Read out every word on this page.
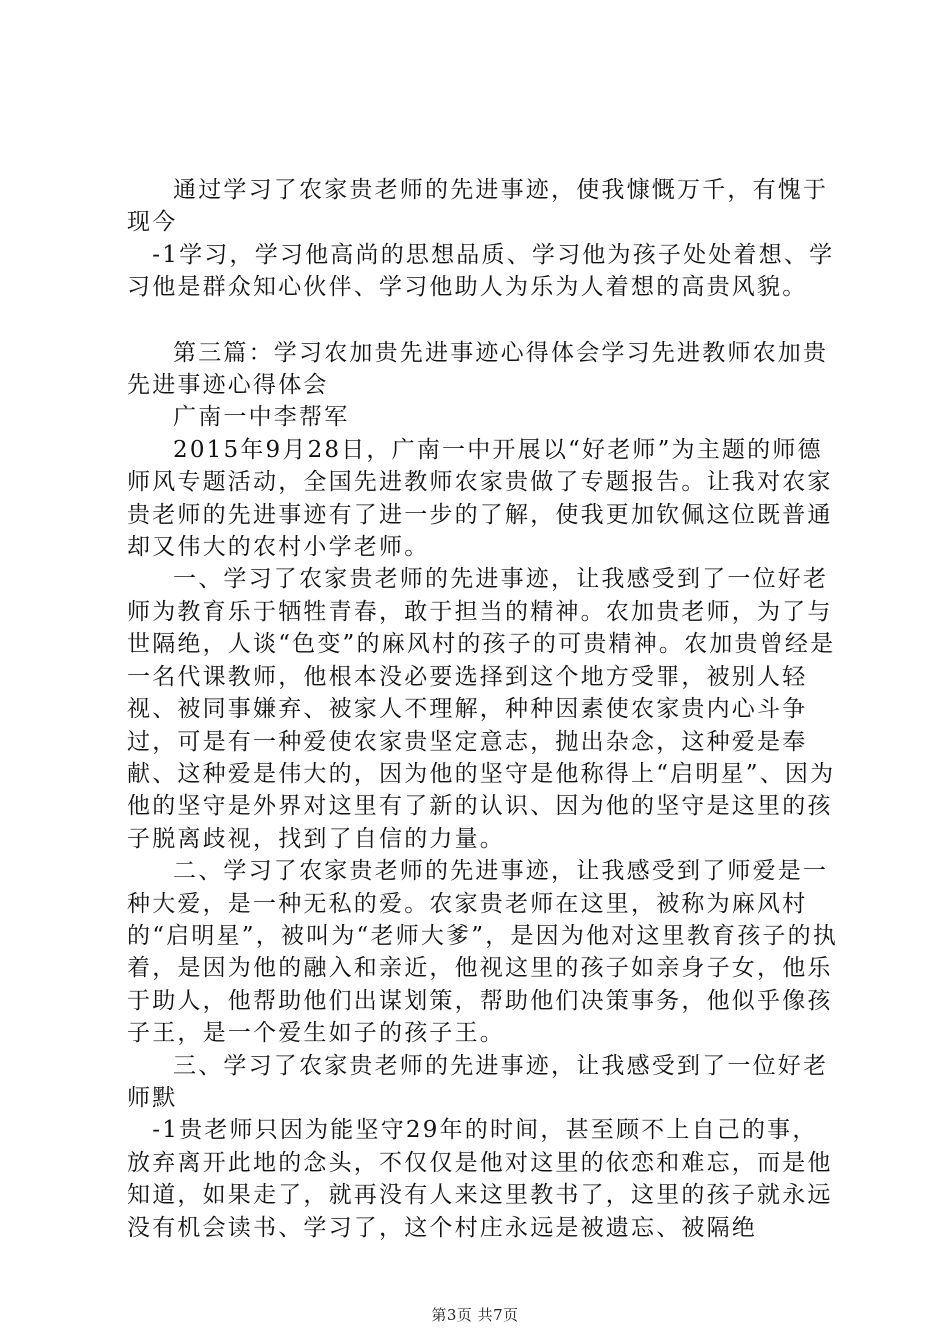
通过学习了农家贵老师的先进事迹，使我慷慨万千，有愧于现今

-1学习，学习他高尚的思想品质、学习他为孩子处处着想、学习他是群众知心伙伴、学习他助人为乐为人着想的高贵风貌。

第三篇：学习农加贵先进事迹心得体会学习先进教师农加贵先进事迹心得体会

广南一中李帮军

2015年9月28日，广南一中开展以“好老师”为主题的师德师风专题活动，全国先进教师农家贵做了专题报告。让我对农家贵老师的先进事迹有了进一步的了解，使我更加钦佩这位既普通却又伟大的农村小学老师。

一、学习了农家贵老师的先进事迹，让我感受到了一位好老师为教育乐于牺牲青春，敢于担当的精神。农加贵老师，为了与世隔绝，人谈“色变”的麻风村的孩子的可贵精神。农加贵曾经是一名代课教师，他根本没必要选择到这个地方受罪，被别人轻视、被同事嫌弃、被家人不理解，种种因素使农家贵内心斗争过，可是有一种爱使农家贵坚定意志，抛出杂念，这种爱是奉献、这种爱是伟大的，因为他的坚守是他称得上“启明星”、因为他的坚守是外界对这里有了新的认识、因为他的坚守是这里的孩子脱离歧视，找到了自信的力量。

二、学习了农家贵老师的先进事迹，让我感受到了师爱是一种大爱，是一种无私的爱。农家贵老师在这里，被称为麻风村的“启明星”，被叫为“老师大爹”，是因为他对这里教育孩子的执着，是因为他的融入和亲近，他视这里的孩子如亲身子女，他乐于助人，他帮助他们出谋划策，帮助他们决策事务，他似乎像孩子王，是一个爱生如子的孩子王。

三、学习了农家贵老师的先进事迹，让我感受到了一位好老师默

-1贵老师只因为能坚守29年的时间，甚至顾不上自己的事，放弃离开此地的念头，不仅仅是他对这里的依恋和难忘，而是他知道，如果走了，就再没有人来这里教书了，这里的孩子就永远没有机会读书、学习了，这个村庄永远是被遗忘、被隔绝

第3页 共7页
